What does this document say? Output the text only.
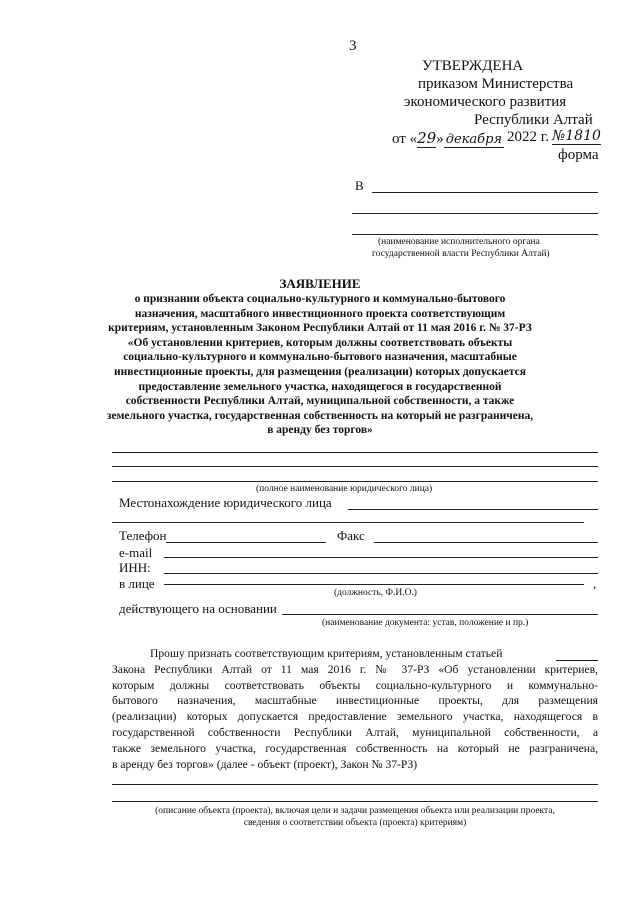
3
УТВЕРЖДЕНА
приказом Министерства
экономического развития
Республики Алтай
от «29» декабря 2022 г. №1810
форма
В
(наименование исполнительного органа
государственной власти Республики Алтай)
ЗАЯВЛЕНИЕ
о признании объекта социально-культурного и коммунально-бытового
назначения, масштабного инвестиционного проекта соответствующим
критериям, установленным Законом Республики Алтай от 11 мая 2016 г. № 37-РЗ
«Об установлении критериев, которым должны соответствовать объекты
социально-культурного и коммунально-бытового назначения, масштабные
инвестиционные проекты, для размещения (реализации) которых допускается
предоставление земельного участка, находящегося в государственной
собственности Республики Алтай, муниципальной собственности, а также
земельного участка, государственная собственность на который не разграничена,
в аренду без торгов»
(полное наименование юридического лица)
Местонахождение юридического лица
Телефон	Факс
e-mail
ИНН:
в лице	,
(должность, Ф.И.О.)
действующего на основании
(наименование документа: устав, положение и пр.)
Прошу признать соответствующим критериям, установленным статьей
Закона Республики Алтай от 11 мая 2016 г. № 37-РЗ «Об установлении критериев,
которым должны соответствовать объекты социально-культурного и коммунально-
бытового назначения, масштабные инвестиционные проекты, для размещения
(реализации) которых допускается предоставление земельного участка, находящегося в
государственной собственности Республики Алтай, муниципальной собственности, а
также земельного участка, государственная собственность на который не разграничена,
в аренду без торгов» (далее - объект (проект), Закон № 37-РЗ)
(описание объекта (проекта), включая цели и задачи размещения объекта или реализации проекта,
сведения о соответствии объекта (проекта) критериям)
